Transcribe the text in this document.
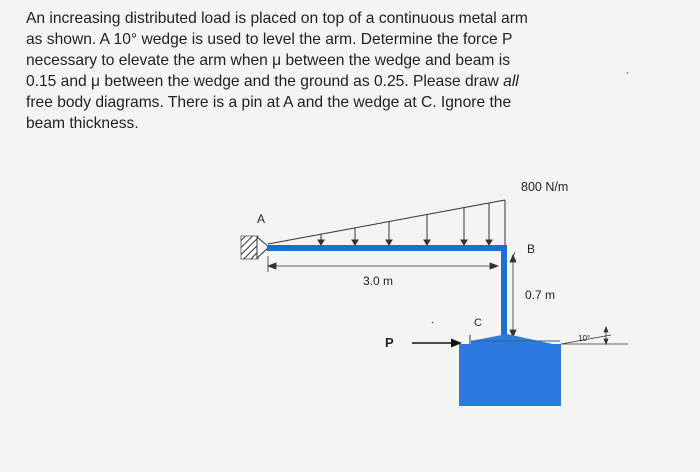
An increasing distributed load is placed on top of a continuous metal arm
as shown. A 10° wedge is used to level the arm. Determine the force P
necessary to elevate the arm when μ between the wedge and beam is
0.15 and μ between the wedge and the ground as 0.25. Please draw all
free body diagrams. There is a pin at A and the wedge at C. Ignore the
beam thickness.

800 N/m
A
B
3.0 m
0.7 m
C
P	10°
